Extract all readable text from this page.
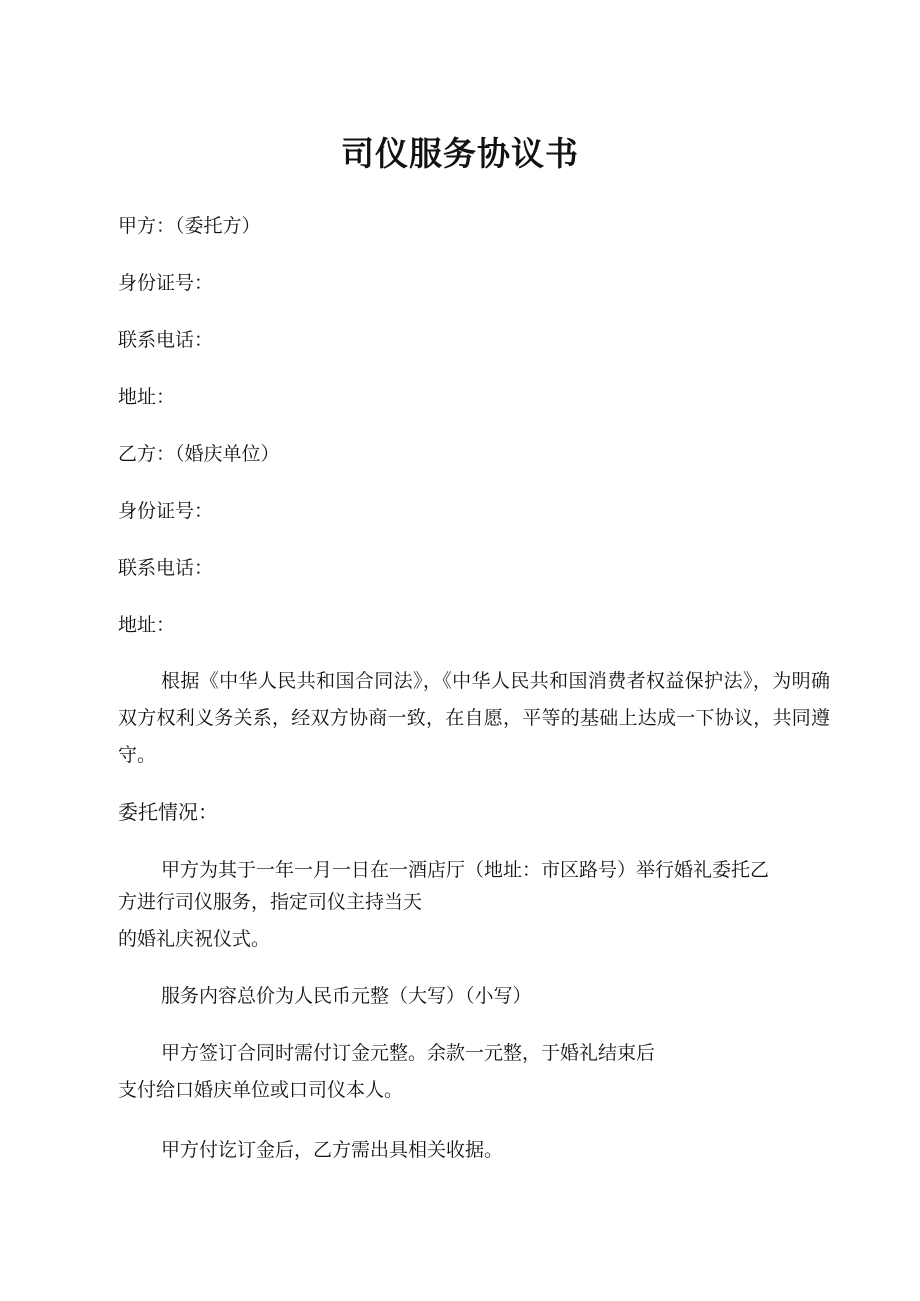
司仪服务协议书
甲方：（委托方）
身份证号：
联系电话：
地址：
乙方：（婚庆单位）
身份证号：
联系电话：
地址：
根据《中华人民共和国合同法》，《中华人民共和国消费者权益保护法》，为明确双方权利义务关系，经双方协商一致，在自愿，平等的基础上达成一下协议，共同遵守。
委托情况：
甲方为其于一年一月一日在一酒店厅（地址：市区路号）举行婚礼委托乙
方进行司仪服务，指定司仪主持当天
的婚礼庆祝仪式。
服务内容总价为人民币元整（大写）（小写）
甲方签订合同时需付订金元整。余款一元整，于婚礼结束后
支付给口婚庆单位或口司仪本人。
甲方付讫订金后，乙方需出具相关收据。
